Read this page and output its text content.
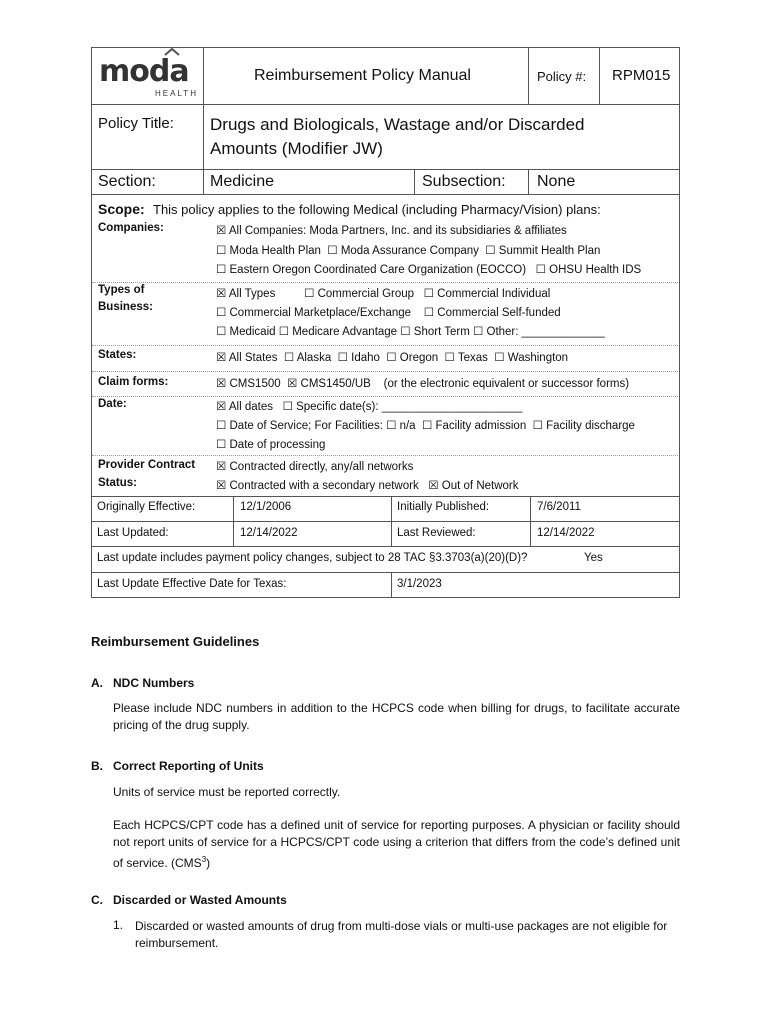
moda
HEALTH
Reimbursement Policy Manual	Policy #: RPM015
Policy Title: Drugs and Biologicals, Wastage and/or Discarded
Amounts (Modifier JW)
Section:	Medicine	Subsection: None
Scope: This policy applies to the following Medical (including Pharmacy/Vision) plans:
Companies:	☒ All Companies: Moda Partners, Inc. and its subsidiaries & affiliates
☐ Moda Health Plan  ☐ Moda Assurance Company  ☐ Summit Health Plan
☐ Eastern Oregon Coordinated Care Organization (EOCCO)   ☐ OHSU Health IDS
Types of
Business:
☒ All Types         ☐ Commercial Group   ☐ Commercial Individual
☐ Commercial Marketplace/Exchange    ☐ Commercial Self-funded
☐ Medicaid ☐ Medicare Advantage ☐ Short Term ☐ Other: _____________
States:	☒ All States  ☐ Alaska  ☐ Idaho  ☐ Oregon  ☐ Texas  ☐ Washington
Claim forms:	☒ CMS1500  ☒ CMS1450/UB    (or the electronic equivalent or successor forms)
Date:	☒ All dates   ☐ Specific date(s): ______________________
☐ Date of Service; For Facilities: ☐ n/a  ☐ Facility admission  ☐ Facility discharge
☐ Date of processing
Provider Contract
Status:
☒ Contracted directly, any/all networks
☒ Contracted with a secondary network   ☒ Out of Network
Originally Effective:	12/1/2006	Initially Published:	7/6/2011
Last Updated:	12/14/2022	Last Reviewed:	12/14/2022
Last update includes payment policy changes, subject to 28 TAC §3.3703(a)(20)(D)?	Yes
Last Update Effective Date for Texas:	3/1/2023
Reimbursement Guidelines
A. NDC Numbers
Please include NDC numbers in addition to the HCPCS code when billing for drugs, to facilitate accurate pricing of the drug supply.
B. Correct Reporting of Units
Units of service must be reported correctly.
Each HCPCS/CPT code has a defined unit of service for reporting purposes. A physician or facility should not report units of service for a HCPCS/CPT code using a criterion that differs from the code’s defined unit of service. (CMS$^3$)
C. Discarded or Wasted Amounts
1. Discarded or wasted amounts of drug from multi-dose vials or multi-use packages are not eligible for reimbursement.
